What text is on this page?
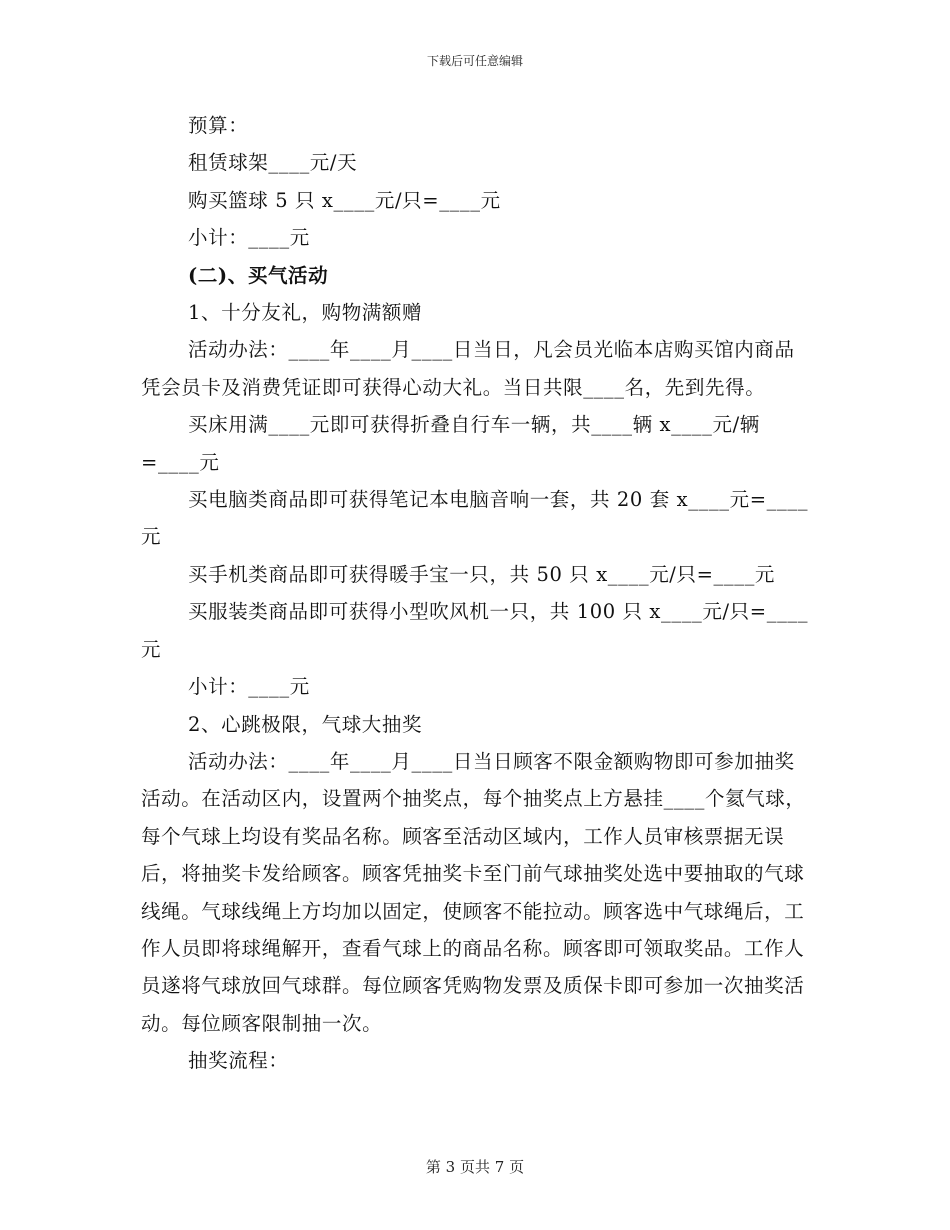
下载后可任意编辑

预算：

租赁球架____元/天

购买篮球 5 只 x____元/只=____元

小计：____元

(二)、买气活动

1、十分友礼，购物满额赠

活动办法：____年____月____日当日，凡会员光临本店购买馆内商品凭会员卡及消费凭证即可获得心动大礼。当日共限____名，先到先得。

买床用满____元即可获得折叠自行车一辆，共____辆 x____元/辆=____元

买电脑类商品即可获得笔记本电脑音响一套，共 20 套 x____元=____元

买手机类商品即可获得暖手宝一只，共 50 只 x____元/只=____元

买服装类商品即可获得小型吹风机一只，共 100 只 x____元/只=____元

小计：____元

2、心跳极限，气球大抽奖

活动办法：____年____月____日当日顾客不限金额购物即可参加抽奖活动。在活动区内，设置两个抽奖点，每个抽奖点上方悬挂____个氦气球，每个气球上均设有奖品名称。顾客至活动区域内，工作人员审核票据无误后，将抽奖卡发给顾客。顾客凭抽奖卡至门前气球抽奖处选中要抽取的气球线绳。气球线绳上方均加以固定，使顾客不能拉动。顾客选中气球绳后，工作人员即将球绳解开，查看气球上的商品名称。顾客即可领取奖品。工作人员遂将气球放回气球群。每位顾客凭购物发票及质保卡即可参加一次抽奖活动。每位顾客限制抽一次。

抽奖流程：

第 3 页共 7 页
